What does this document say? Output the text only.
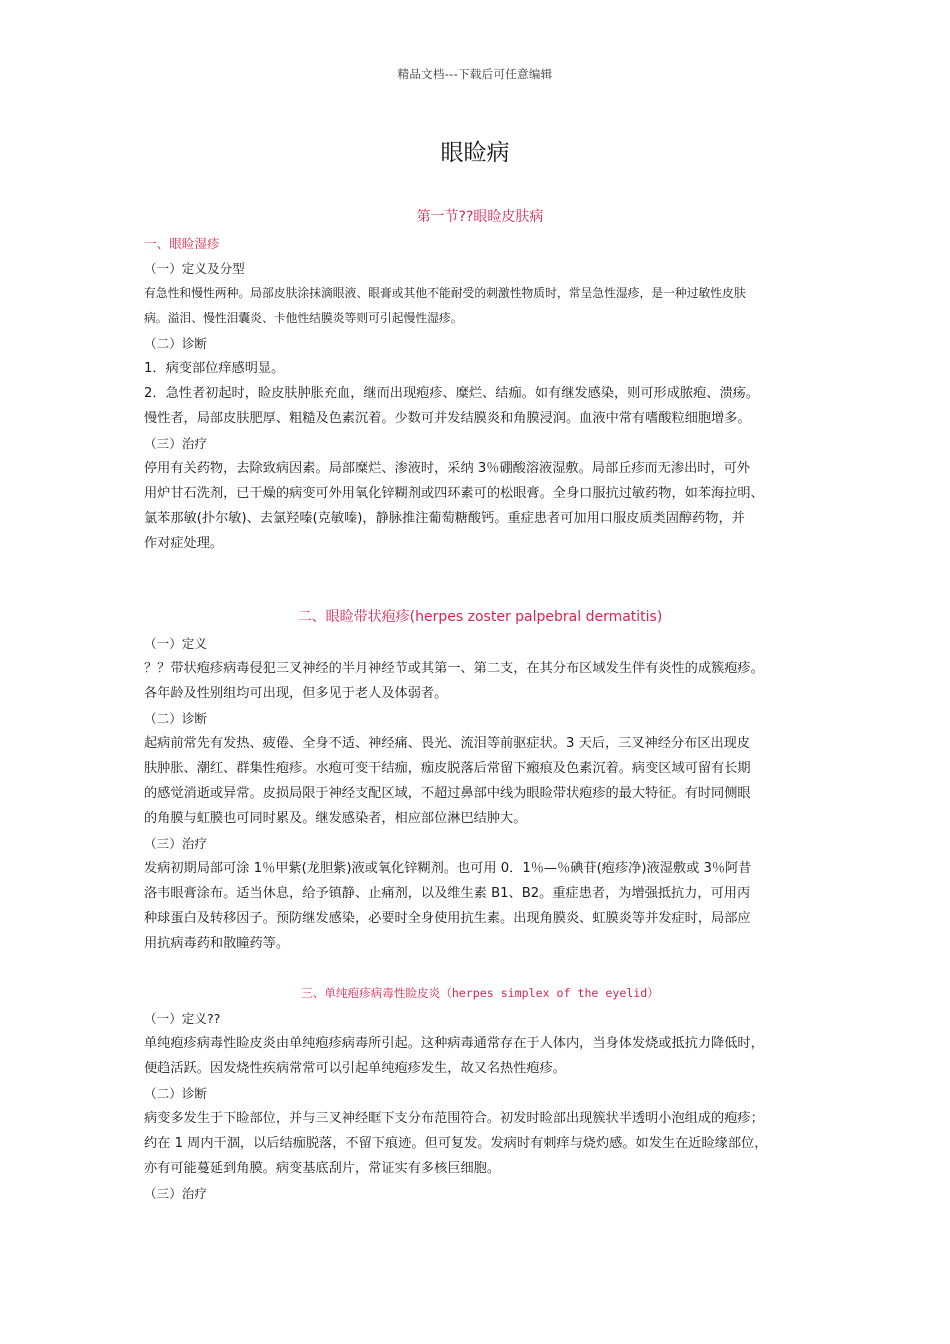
精品文档---下载后可任意编辑
眼睑病
第一节??眼睑皮肤病
一、眼睑湿疹
（一）定义及分型
有急性和慢性两种。局部皮肤涂抹滴眼液、眼膏或其他不能耐受的刺激性物质时，常呈急性湿疹，是一种过敏性皮肤
病。溢泪、慢性泪囊炎、卡他性结膜炎等则可引起慢性湿疹。
（二）诊断
1．病变部位痒感明显。
2．急性者初起时，睑皮肤肿胀充血，继而出现疱疹、糜烂、结痂。如有继发感染，则可形成脓疱、溃疡。
慢性者，局部皮肤肥厚、粗糙及色素沉着。少数可并发结膜炎和角膜浸润。血液中常有嗜酸粒细胞增多。
（三）治疗
停用有关药物，去除致病因素。局部糜烂、渗液时，采纳 3％硼酸溶液湿敷。局部丘疹而无渗出时，可外
用炉甘石洗剂，已干燥的病变可外用氧化锌糊剂或四环素可的松眼膏。全身口服抗过敏药物，如苯海拉明、
氯苯那敏(扑尔敏)、去氯羟嗪(克敏嗪)，静脉推注葡萄糖酸钙。重症患者可加用口服皮质类固醇药物，并
作对症处理。
二、眼睑带状疱疹(herpes zoster palpebral dermatitis)
（一）定义
？？带状疱疹病毒侵犯三叉神经的半月神经节或其第一、第二支，在其分布区域发生伴有炎性的成簇疱疹。
各年龄及性别组均可出现，但多见于老人及体弱者。
（二）诊断
起病前常先有发热、疲倦、全身不适、神经痛、畏光、流泪等前驱症状。3 天后，三叉神经分布区出现皮
肤肿胀、潮红、群集性疱疹。水疱可变干结痂，痂皮脱落后常留下瘢痕及色素沉着。病变区域可留有长期
的感觉消逝或异常。皮损局限于神经支配区域，不超过鼻部中线为眼睑带状疱疹的最大特征。有时同侧眼
的角膜与虹膜也可同时累及。继发感染者，相应部位淋巴结肿大。
（三）治疗
发病初期局部可涂 1％甲紫(龙胆紫)液或氧化锌糊剂。也可用 0．1％—％碘苷(疱疹净)液湿敷或 3％阿昔
洛韦眼膏涂布。适当休息，给予镇静、止痛剂，以及维生素 B1、B2。重症患者，为增强抵抗力，可用丙
种球蛋白及转移因子。预防继发感染，必要时全身使用抗生素。出现角膜炎、虹膜炎等并发症时，局部应
用抗病毒药和散瞳药等。
三、单纯疱疹病毒性睑皮炎（herpes simplex of the eyelid）
（一）定义??
单纯疱疹病毒性睑皮炎由单纯疱疹病毒所引起。这种病毒通常存在于人体内，当身体发烧或抵抗力降低时，
便趋活跃。因发烧性疾病常常可以引起单纯疱疹发生，故又名热性疱疹。
（二）诊断
病变多发生于下睑部位，并与三叉神经眶下支分布范围符合。初发时睑部出现簇状半透明小泡组成的疱疹；
约在 1 周内干涸，以后结痂脱落，不留下痕迹。但可复发。发病时有刺痒与烧灼感。如发生在近睑缘部位，
亦有可能蔓延到角膜。病变基底刮片，常证实有多核巨细胞。
（三）治疗
